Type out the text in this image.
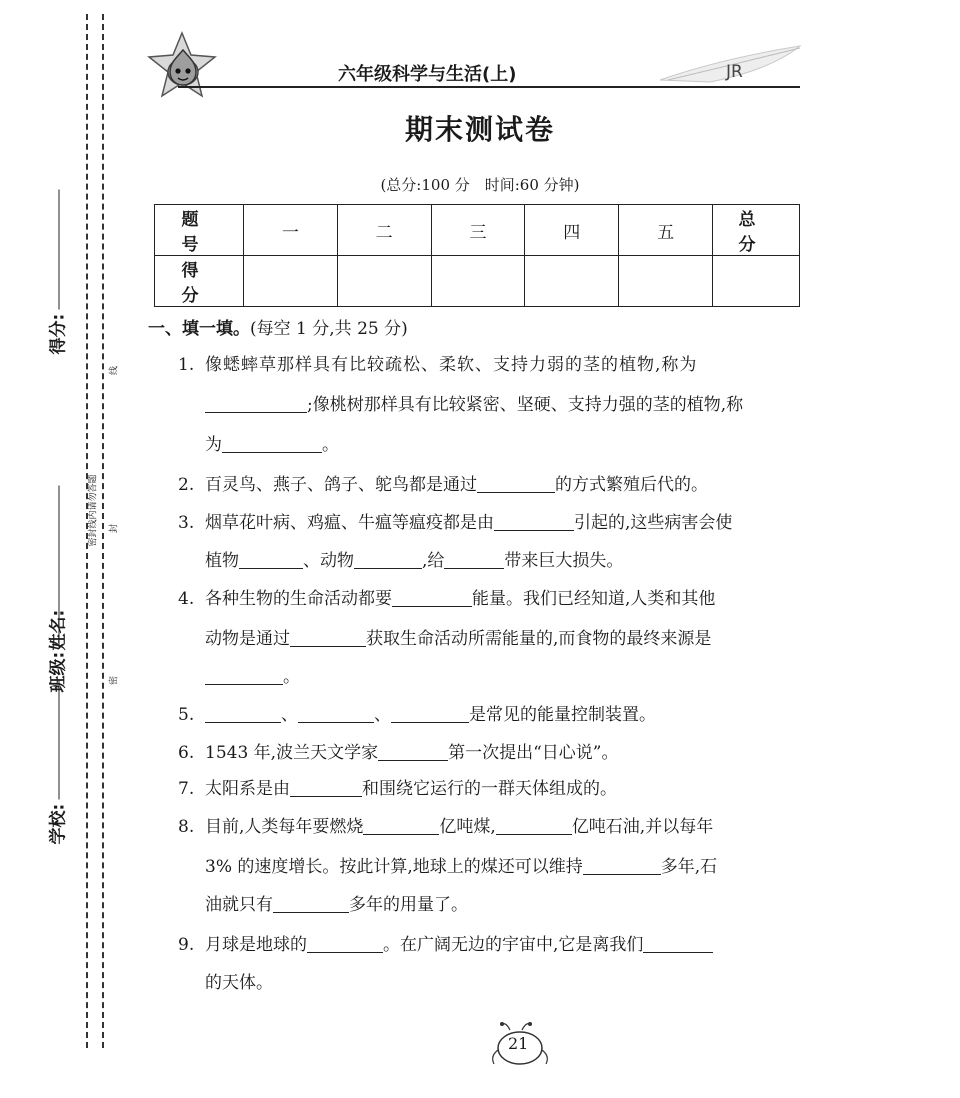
得分:
姓名:
班级:
学校:
密封线内请勿答题
线
封
密
六年级科学与生活(上)	JR
期末测试卷
(总分:100 分　时间:60 分钟)
题　号	一	二	三	四	五	总　分
得　分						
一、填一填。(每空 1 分,共 25 分)
1. 像蟋蟀草那样具有比较疏松、柔软、支持力弱的茎的植物,称为
;像桃树那样具有比较紧密、坚硬、支持力强的茎的植物,称
为	。
2. 百灵鸟、燕子、鸽子、鸵鸟都是通过	的方式繁殖后代的。
3. 烟草花叶病、鸡瘟、牛瘟等瘟疫都是由	引起的,这些病害会使
植物	、动物	,给	带来巨大损失。
4. 各种生物的生命活动都要	能量。我们已经知道,人类和其他
动物是通过	获取生命活动所需能量的,而食物的最终来源是
。
5.	、	、	是常见的能量控制装置。
6. 1543 年,波兰天文学家	第一次提出“日心说”。
7. 太阳系是由	和围绕它运行的一群天体组成的。
8. 目前,人类每年要燃烧	亿吨煤,	亿吨石油,并以每年
3% 的速度增长。按此计算,地球上的煤还可以维持	多年,石
油就只有	多年的用量了。
9. 月球是地球的	。在广阔无边的宇宙中,它是离我们
的天体。
21
